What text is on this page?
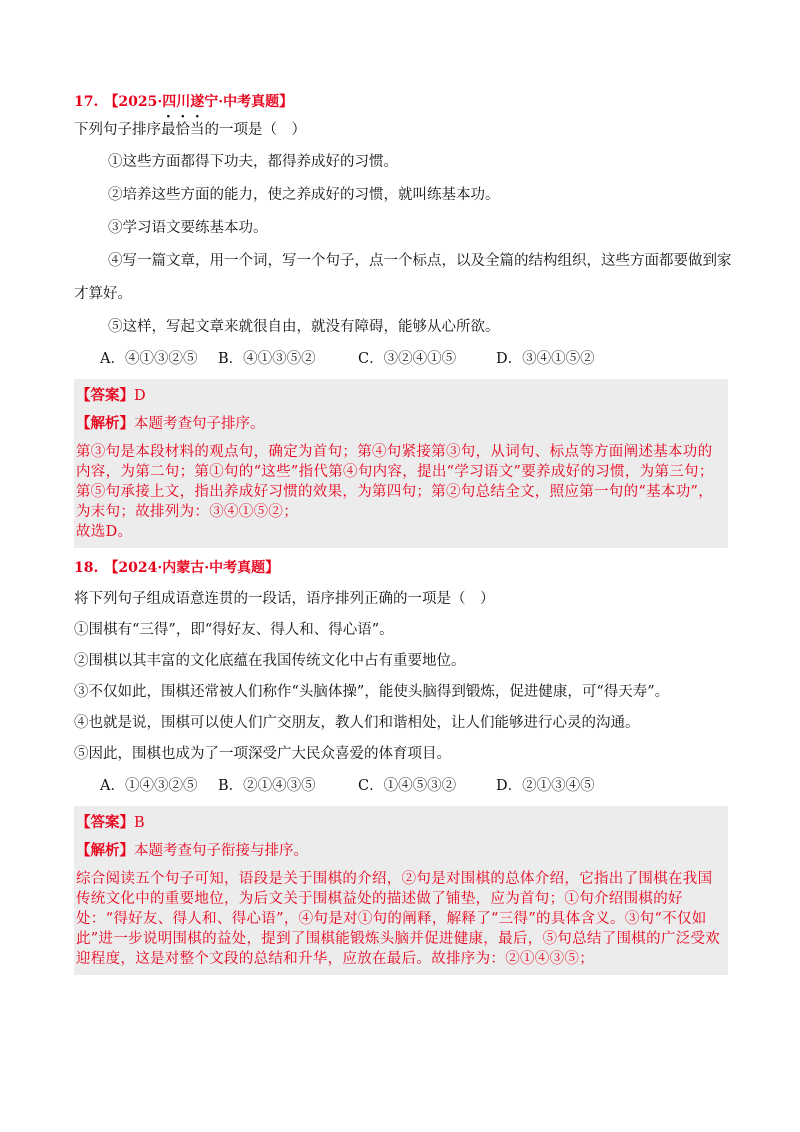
17. 【2025·四川遂宁·中考真题】

下列句子排序最恰当的一项是（　）

①这些方面都得下功夫，都得养成好的习惯。

②培养这些方面的能力，使之养成好的习惯，就叫练基本功。

③学习语文要练基本功。

④写一篇文章，用一个词，写一个句子，点一个标点，以及全篇的结构组织，这些方面都要做到家

才算好。

⑤这样，写起文章来就很自由，就没有障碍，能够从心所欲。

A．④①③②⑤	B．④①③⑤②	C．③②④①⑤	D．③④①⑤②

【答案】D

【解析】本题考查句子排序。

第③句是本段材料的观点句，确定为首句；第④句紧接第③句，从词句、标点等方面阐述基本功的内容，为第二句；第①句的“这些”指代第④句内容，提出“学习语文”要养成好的习惯，为第三句；第⑤句承接上文，指出养成好习惯的效果，为第四句；第②句总结全文，照应第一句的“基本功”，为末句；故排列为：③④①⑤②；

故选D。

18. 【2024·内蒙古·中考真题】

将下列句子组成语意连贯的一段话，语序排列正确的一项是（　）

①围棋有“三得”，即“得好友、得人和、得心语”。

②围棋以其丰富的文化底蕴在我国传统文化中占有重要地位。

③不仅如此，围棋还常被人们称作“头脑体操”，能使头脑得到锻炼，促进健康，可“得天寿”。

④也就是说，围棋可以使人们广交朋友，教人们和谐相处，让人们能够进行心灵的沟通。

⑤因此，围棋也成为了一项深受广大民众喜爱的体育项目。

A．①④③②⑤	B．②①④③⑤	C．①④⑤③②	D．②①③④⑤

【答案】B

【解析】本题考查句子衔接与排序。

综合阅读五个句子可知，语段是关于围棋的介绍，②句是对围棋的总体介绍，它指出了围棋在我国传统文化中的重要地位，为后文关于围棋益处的描述做了铺垫，应为首句；①句介绍围棋的好处：“得好友、得人和、得心语”，④句是对①句的阐释，解释了“三得”的具体含义。③句“不仅如此”进一步说明围棋的益处，提到了围棋能锻炼头脑并促进健康，最后，⑤句总结了围棋的广泛受欢迎程度，这是对整个文段的总结和升华，应放在最后。故排序为：②①④③⑤；
